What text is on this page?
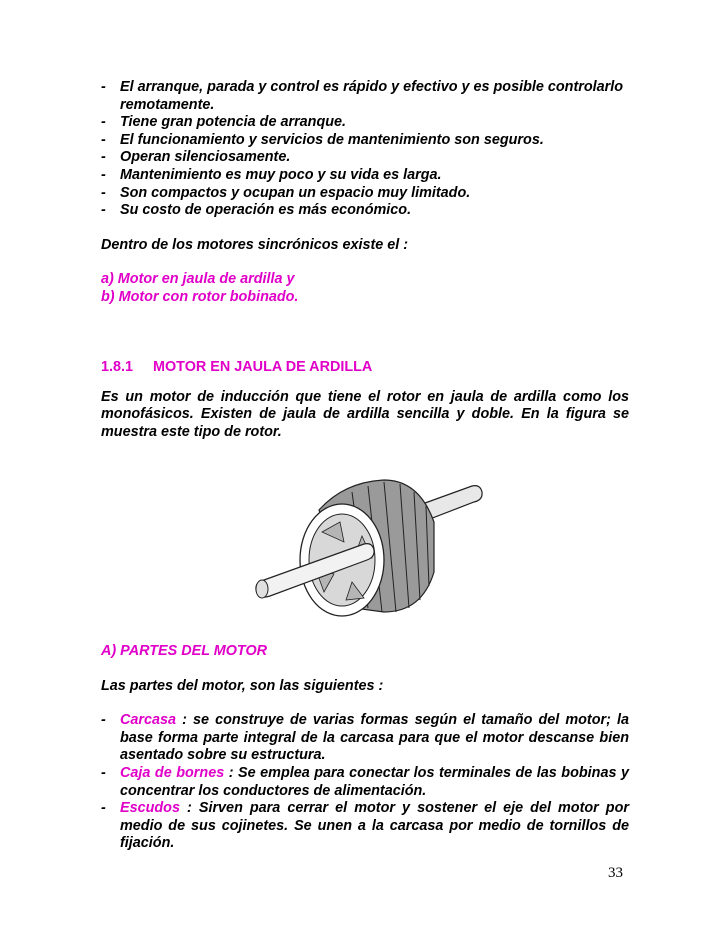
- El arranque, parada y control es rápido y efectivo y es posible controlarlo remotamente.
- Tiene gran potencia de arranque.
- El funcionamiento y servicios de mantenimiento son seguros.
- Operan silenciosamente.
- Mantenimiento es muy poco y su vida es larga.
- Son compactos y ocupan un espacio muy limitado.
- Su costo de operación es más económico.
Dentro de los motores sincrónicos existe el :
a) Motor en jaula de ardilla y
b) Motor con rotor bobinado.
1.8.1	MOTOR EN JAULA DE ARDILLA
Es un motor de inducción que tiene el rotor en jaula de ardilla como los monofásicos. Existen de jaula de ardilla sencilla y doble. En la figura se muestra este tipo de rotor.
A) PARTES DEL MOTOR
Las partes del motor, son las siguientes :
- Carcasa : se construye de varias formas según el tamaño del motor; la base forma parte integral de la carcasa para que el motor descanse bien asentado sobre su estructura.
- Caja de bornes : Se emplea para conectar los terminales de las bobinas y concentrar los conductores de alimentación.
- Escudos : Sirven para cerrar el motor y sostener el eje del motor por medio de sus cojinetes. Se unen a la carcasa por medio de tornillos de fijación.
33
